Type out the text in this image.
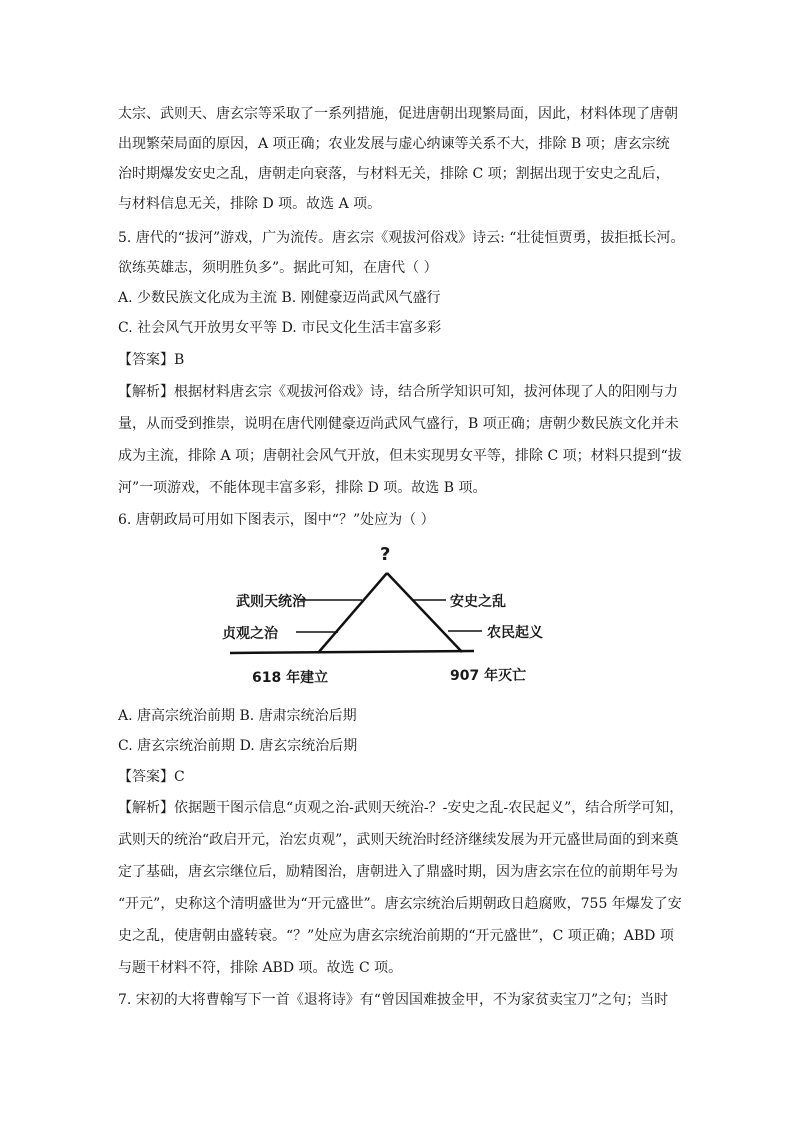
太宗、武则天、唐玄宗等采取了一系列措施，促进唐朝出现繁局面，因此，材料体现了唐朝
出现繁荣局面的原因，A 项正确；农业发展与虚心纳谏等关系不大，排除 B 项；唐玄宗统
治时期爆发安史之乱，唐朝走向衰落，与材料无关，排除 C 项；割据出现于安史之乱后，
与材料信息无关，排除 D 项。故选 A 项。
5. 唐代的“拔河”游戏，广为流传。唐玄宗《观拔河俗戏》诗云: “壮徒恒贾勇，拔拒抵长河。
欲练英雄志，须明胜负多”。据此可知，在唐代（ ）
A. 少数民族文化成为主流 B. 刚健豪迈尚武风气盛行
C. 社会风气开放男女平等 D. 市民文化生活丰富多彩
【答案】B
【解析】根据材料唐玄宗《观拔河俗戏》诗，结合所学知识可知，拔河体现了人的阳刚与力
量，从而受到推崇，说明在唐代刚健豪迈尚武风气盛行，B 项正确；唐朝少数民族文化并未
成为主流，排除 A 项；唐朝社会风气开放，但未实现男女平等，排除 C 项；材料只提到“拔
河”一项游戏，不能体现丰富多彩，排除 D 项。故选 B 项。
6. 唐朝政局可用如下图表示，图中“？”处应为（ ）
?
武则天统治
贞观之治
安史之乱
农民起义
618 年建立	907 年灭亡
A. 唐高宗统治前期 B. 唐肃宗统治后期
C. 唐玄宗统治前期 D. 唐玄宗统治后期
【答案】C
【解析】依据题干图示信息“贞观之治-武则天统治-？-安史之乱-农民起义”，结合所学可知，
武则天的统治“政启开元，治宏贞观”，武则天统治时经济继续发展为开元盛世局面的到来奠
定了基础，唐玄宗继位后，励精图治，唐朝进入了鼎盛时期，因为唐玄宗在位的前期年号为
“开元”，史称这个清明盛世为“开元盛世”。唐玄宗统治后期朝政日趋腐败，755 年爆发了安
史之乱，使唐朝由盛转衰。“？”处应为唐玄宗统治前期的“开元盛世”，C 项正确；ABD 项
与题干材料不符，排除 ABD 项。故选 C 项。
7. 宋初的大将曹翰写下一首《退将诗》有“曾因国难披金甲，不为家贫卖宝刀”之句；当时
